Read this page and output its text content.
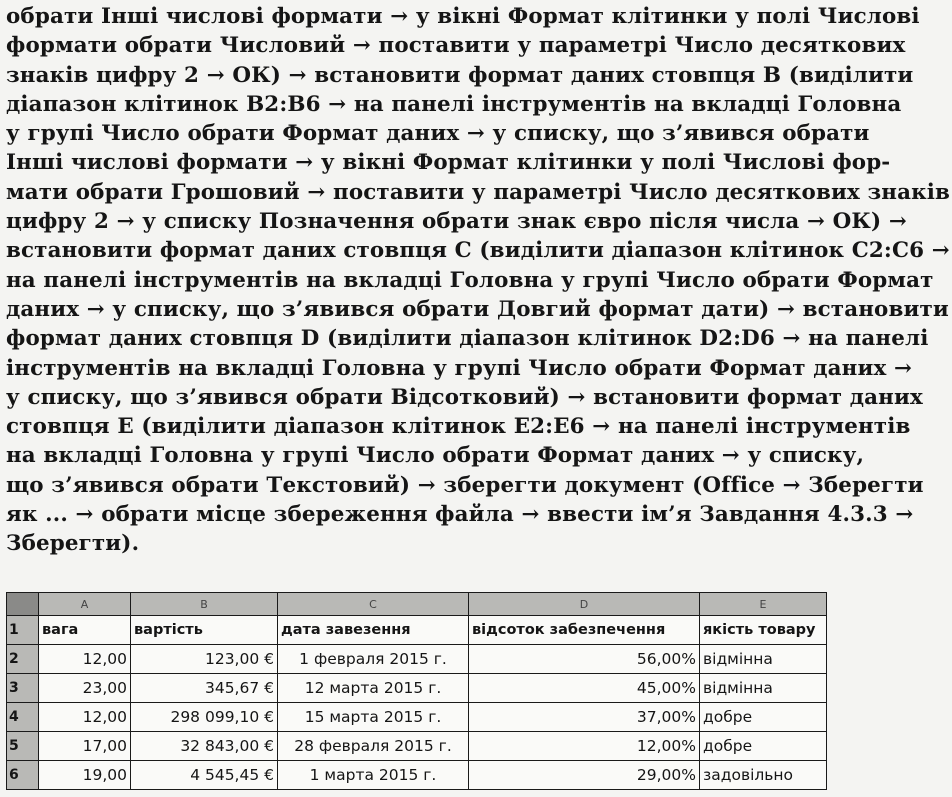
обрати Інші числові формати → у вікні Формат клітинки у полі Числові
формати обрати Числовий → поставити у параметрі Число десяткових
знаків цифру 2 → ОК) → встановити формат даних стовпця B (виділити
діапазон клітинок B2:B6 → на панелі інструментів на вкладці Головна
у групі Число обрати Формат даних → у списку, що з’явився обрати
Інші числові формати → у вікні Формат клітинки у полі Числові фор-
мати обрати Грошовий → поставити у параметрі Число десяткових знаків
цифру 2 → у списку Позначення обрати знак євро після числа → ОК) →
встановити формат даних стовпця C (виділити діапазон клітинок C2:C6 →
на панелі інструментів на вкладці Головна у групі Число обрати Формат
даних → у списку, що з’явився обрати Довгий формат дати) → встановити
формат даних стовпця D (виділити діапазон клітинок D2:D6 → на панелі
інструментів на вкладці Головна у групі Число обрати Формат даних →
у списку, що з’явився обрати Відсотковий) → встановити формат даних
стовпця E (виділити діапазон клітинок E2:E6 → на панелі інструментів
на вкладці Головна у групі Число обрати Формат даних → у списку,
що з’явився обрати Текстовий) → зберегти документ (Office → Зберегти
як ... → обрати місце збереження файла → ввести ім’я Завдання 4.3.3 →
Зберегти).
	A	B	C	D	E
1	вага	вартість	дата завезення	відсоток забезпечення	якість товару
2	12,00	123,00 €	1 февраля 2015 г.	56,00%	відмінна
3	23,00	345,67 €	12 марта 2015 г.	45,00%	відмінна
4	12,00	298 099,10 €	15 марта 2015 г.	37,00%	добре
5	17,00	32 843,00 €	28 февраля 2015 г.	12,00%	добре
6	19,00	4 545,45 €	1 марта 2015 г.	29,00%	задовільно
